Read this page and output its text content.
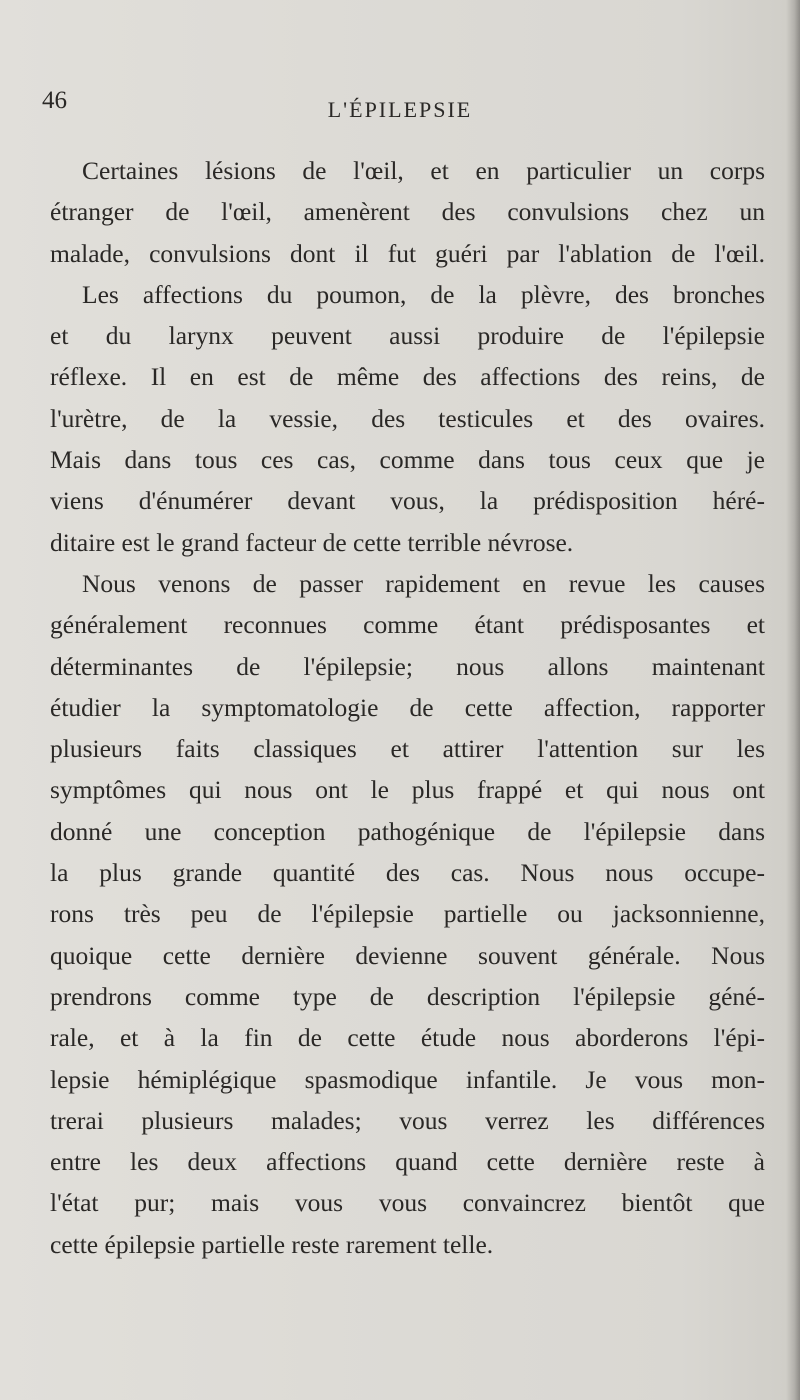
46	L'ÉPILEPSIE
Certaines lésions de l'œil, et en particulier un corps
étranger de l'œil, amenèrent des convulsions chez un
malade, convulsions dont il fut guéri par l'ablation de l'œil.
Les affections du poumon, de la plèvre, des bronches
et du larynx peuvent aussi produire de l'épilepsie
réflexe. Il en est de même des affections des reins, de
l'urètre, de la vessie, des testicules et des ovaires.
Mais dans tous ces cas, comme dans tous ceux que je
viens d'énumérer devant vous, la prédisposition héré-
ditaire est le grand facteur de cette terrible névrose.
Nous venons de passer rapidement en revue les causes
généralement reconnues comme étant prédisposantes et
déterminantes de l'épilepsie; nous allons maintenant
étudier la symptomatologie de cette affection, rapporter
plusieurs faits classiques et attirer l'attention sur les
symptômes qui nous ont le plus frappé et qui nous ont
donné une conception pathogénique de l'épilepsie dans
la plus grande quantité des cas. Nous nous occupe-
rons très peu de l'épilepsie partielle ou jacksonnienne,
quoique cette dernière devienne souvent générale. Nous
prendrons comme type de description l'épilepsie géné-
rale, et à la fin de cette étude nous aborderons l'épi-
lepsie hémiplégique spasmodique infantile. Je vous mon-
trerai plusieurs malades; vous verrez les différences
entre les deux affections quand cette dernière reste à
l'état pur; mais vous vous convaincrez bientôt que
cette épilepsie partielle reste rarement telle.
